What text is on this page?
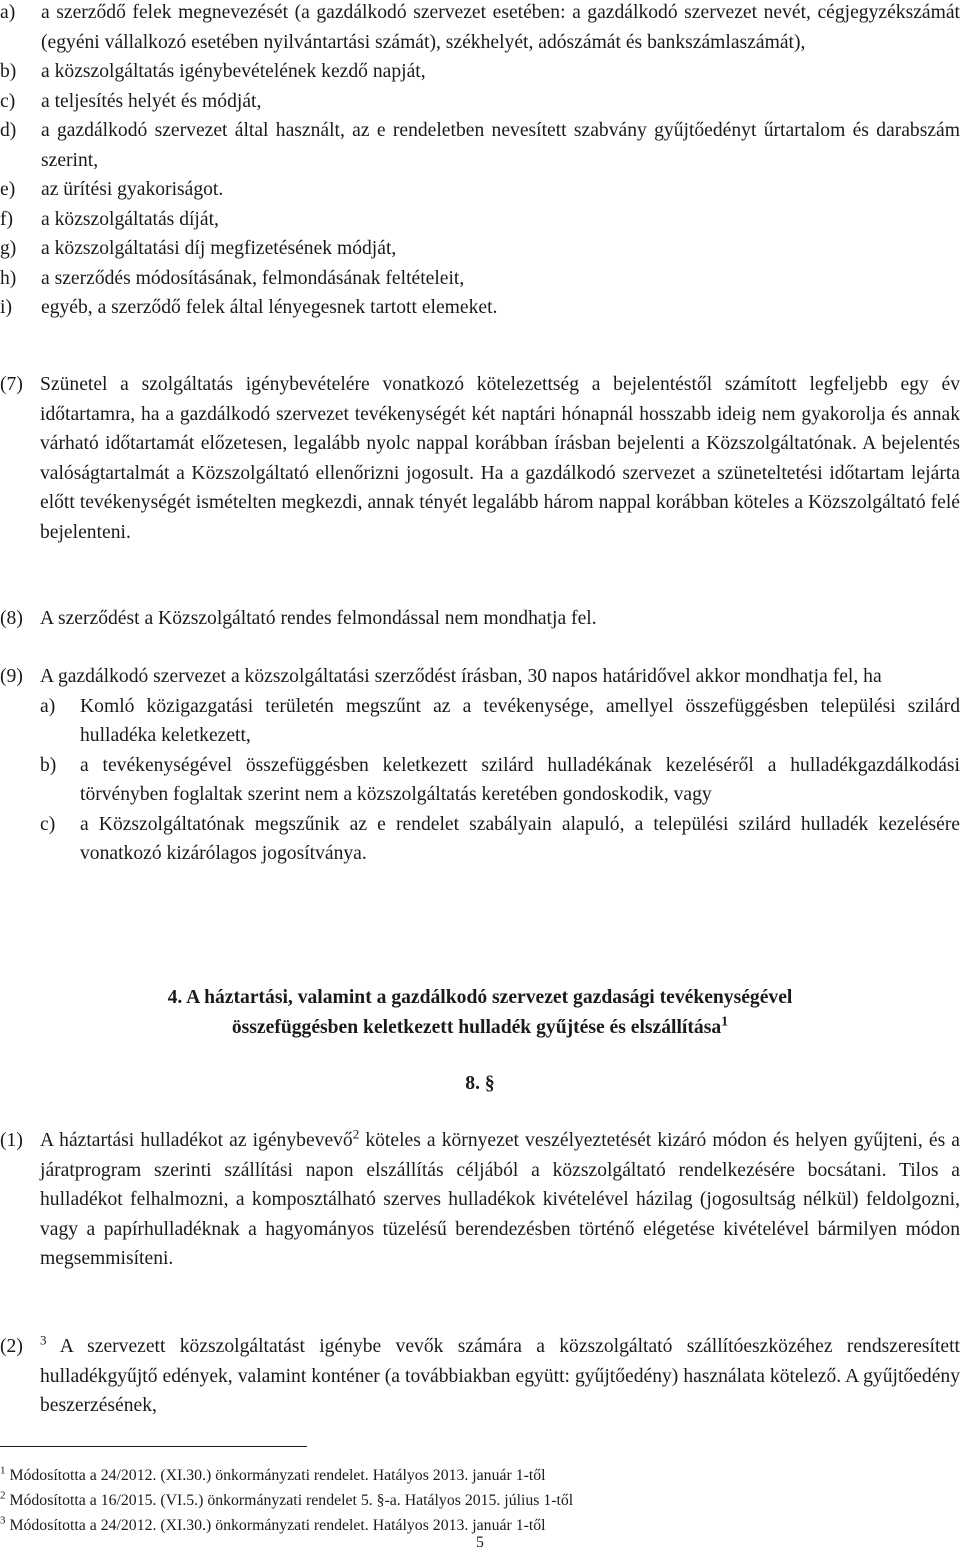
a)	a szerződő felek megnevezését (a gazdálkodó szervezet esetében: a gazdálkodó szervezet nevét, cégjegyzékszámát (egyéni vállalkozó esetében nyilvántartási számát), székhelyét, adószámát és bankszámlaszámát),
b)	a közszolgáltatás igénybevételének kezdő napját,
c)	a teljesítés helyét és módját,
d)	a gazdálkodó szervezet által használt, az e rendeletben nevesített szabvány gyűjtőedényt űrtartalom és darabszám szerint,
e)	az ürítési gyakoriságot.
f)	a közszolgáltatás díját,
g)	a közszolgáltatási díj megfizetésének módját,
h)	a szerződés módosításának, felmondásának feltételeit,
i)	egyéb, a szerződő felek által lényegesnek tartott elemeket.
(7) Szünetel a szolgáltatás igénybevételére vonatkozó kötelezettség a bejelentéstől számított legfeljebb egy év időtartamra, ha a gazdálkodó szervezet tevékenységét két naptári hónapnál hosszabb ideig nem gyakorolja és annak várható időtartamát előzetesen, legalább nyolc nappal korábban írásban bejelenti a Közszolgáltatónak. A bejelentés valóságtartalmát a Közszolgáltató ellenőrizni jogosult. Ha a gazdálkodó szervezet a szüneteltetési időtartam lejárta előtt tevékenységét ismételten megkezdi, annak tényét legalább három nappal korábban köteles a Közszolgáltató felé bejelenteni.
(8) A szerződést a Közszolgáltató rendes felmondással nem mondhatja fel.
(9) A gazdálkodó szervezet a közszolgáltatási szerződést írásban, 30 napos határidővel akkor mondhatja fel, ha
a)	Komló közigazgatási területén megszűnt az a tevékenysége, amellyel összefüggésben települési szilárd hulladéka keletkezett,
b)	a tevékenységével összefüggésben keletkezett szilárd hulladékának kezeléséről a hulladékgazdálkodási törvényben foglaltak szerint nem a közszolgáltatás keretében gondoskodik, vagy
c)	a Közszolgáltatónak megszűnik az e rendelet szabályain alapuló, a települési szilárd hulladék kezelésére vonatkozó kizárólagos jogosítványa.
4. A háztartási, valamint a gazdálkodó szervezet gazdasági tevékenységével
összefüggésben keletkezett hulladék gyűjtése és elszállítása$^1$
8. §
(1) A háztartási hulladékot az igénybevevő$^2$ köteles a környezet veszélyeztetését kizáró módon és helyen gyűjteni, és a járatprogram szerinti szállítási napon elszállítás céljából a közszolgáltató rendelkezésére bocsátani. Tilos a hulladékot felhalmozni, a komposztálható szerves hulladékok kivételével házilag (jogosultság nélkül) feldolgozni, vagy a papírhulladéknak a hagyományos tüzelésű berendezésben történő elégetése kivételével bármilyen módon megsemmisíteni.
(2)	$^3$ A szervezett közszolgáltatást igénybe vevők számára a közszolgáltató szállítóeszközéhez rendszeresített hulladékgyűjtő edények, valamint konténer (a továbbiakban együtt: gyűjtőedény) használata kötelező. A gyűjtőedény beszerzésének,
$^1$ Módosította a 24/2012. (XI.30.) önkormányzati rendelet. Hatályos 2013. január 1-től
$^2$ Módosította a 16/2015. (VI.5.) önkormányzati rendelet 5. §-a. Hatályos 2015. július 1-től
$^3$ Módosította a 24/2012. (XI.30.) önkormányzati rendelet. Hatályos 2013. január 1-től
5
